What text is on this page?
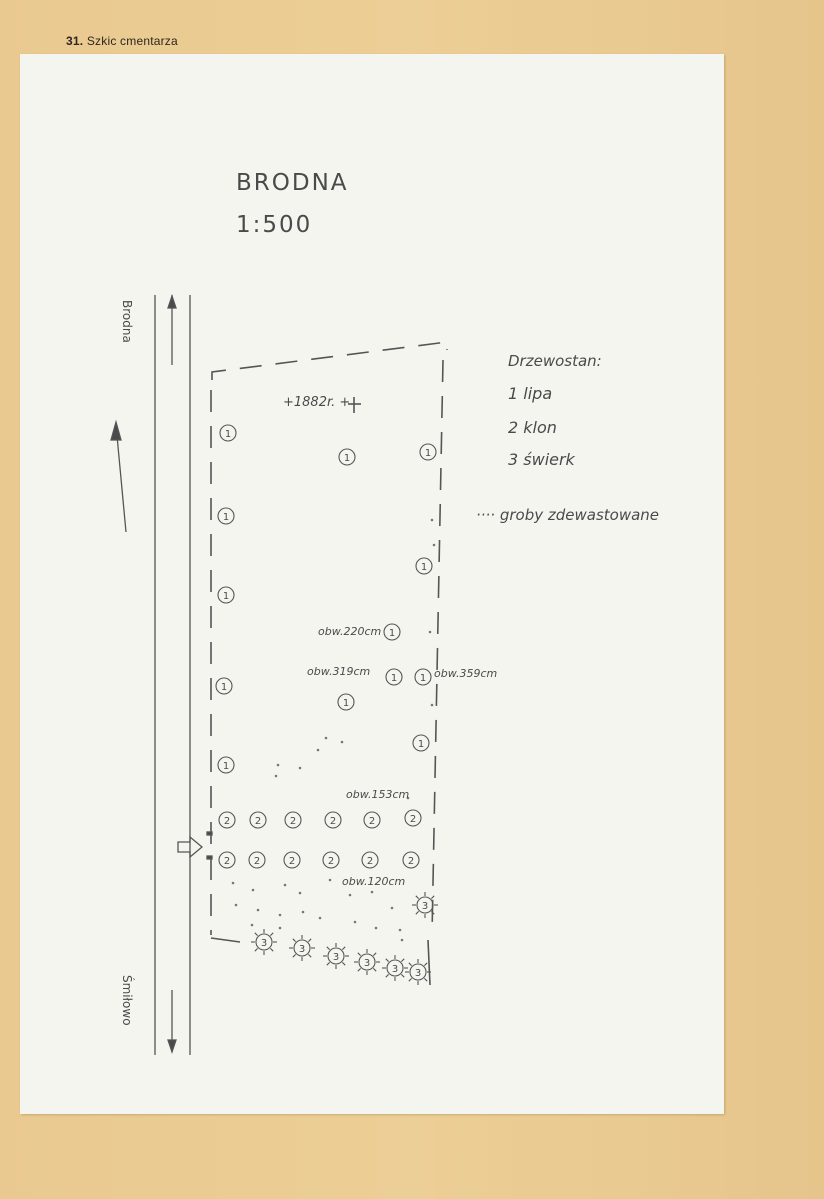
31. Szkic cmentarza
1
1	1
1
1
1
1
1 1
1
1
1
1
2 2	2	2	2	2
2 2	2	2	2	2
3
3
3
3
3
3 3
BRODNA
1:500
Brodna
Śmiłowo
+1882r. +
Drzewostan:
1 lipa
2 klon
3 świerk
···· groby zdewastowane
obw.220cm
obw.319cm	obw.359cm
obw.153cm
obw.120cm
